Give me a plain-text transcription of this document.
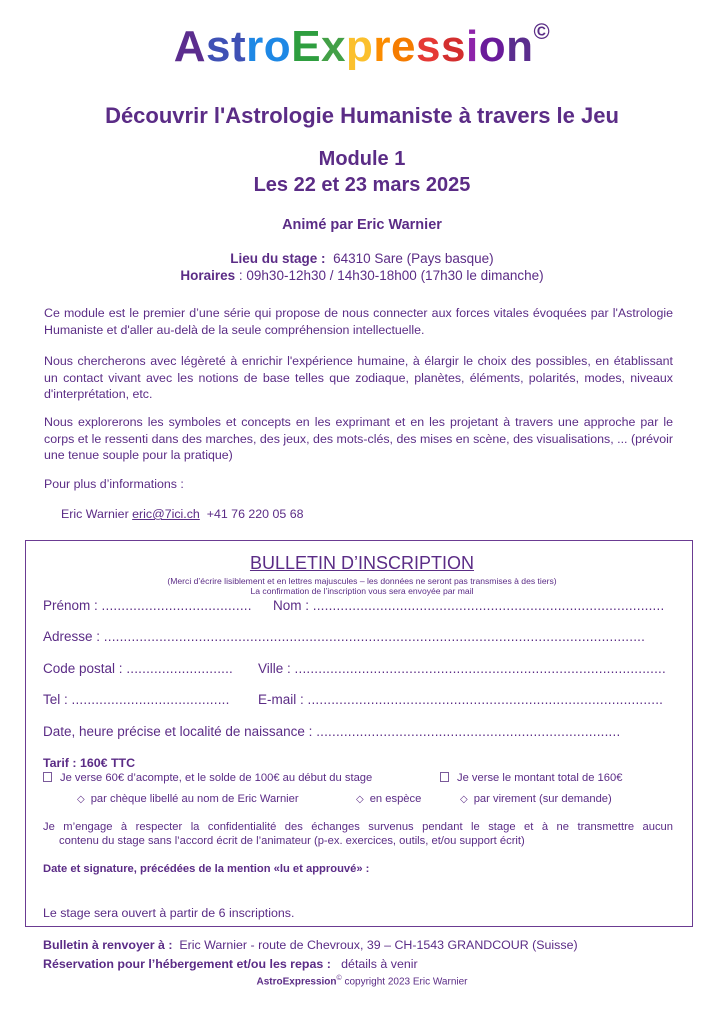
AstroExpression©
Découvrir l'Astrologie Humaniste à travers le Jeu
Module 1
Les 22 et 23 mars 2025
Animé par Eric Warnier
Lieu du stage : 64310 Sare (Pays basque)
Horaires : 09h30-12h30 / 14h30-18h00 (17h30 le dimanche)
Ce module est le premier d’une série qui propose de nous connecter aux forces vitales évoquées par l'Astrologie Humaniste et d'aller au-delà de la seule compréhension intellectuelle.
Nous chercherons avec légèreté à enrichir l'expérience humaine, à élargir le choix des possibles, en établissant un contact vivant avec les notions de base telles que zodiaque, planètes, éléments, polarités, modes, niveaux d'interprétation, etc.
Nous explorerons les symboles et concepts en les exprimant et en les projetant à travers une approche par le corps et le ressenti dans des marches, des jeux, des mots-clés, des mises en scène, des visualisations, ... (prévoir une tenue souple pour la pratique)
Pour plus d’informations :
Eric Warnier eric@7ici.ch +41 76 220 05 68
BULLETIN D’INSCRIPTION
(Merci d’écrire lisiblement et en lettres majuscules – les données ne seront pas transmises à des tiers)
La confirmation de l’inscription vous sera envoyée par mail
Prénom : ...................................... Nom : .........................................................................................
Adresse : .........................................................................................................................................
Code postal : ........................... Ville : ..............................................................................................
Tel : ........................................ E-mail : ..........................................................................................
Date, heure précise et localité de naissance : .............................................................................
Tarif : 160€ TTC
Je verse 60€ d’acompte, et le solde de 100€ au début du stage	Je verse le montant total de 160€
◇ par chèque libellé au nom de Eric Warnier	◇ en espèce	◇ par virement (sur demande)
Je m’engage à respecter la confidentialité des échanges survenus pendant le stage et à ne transmettre aucun
contenu du stage sans l’accord écrit de l’animateur (p-ex. exercices, outils, et/ou support écrit)
Date et signature, précédées de la mention «lu et approuvé» :
Le stage sera ouvert à partir de 6 inscriptions.
Bulletin à renvoyer à : Eric Warnier - route de Chevroux, 39 – CH-1543 GRANDCOUR (Suisse)
Réservation pour l’hébergement et/ou les repas : détails à venir
AstroExpression© copyright 2023 Eric Warnier
